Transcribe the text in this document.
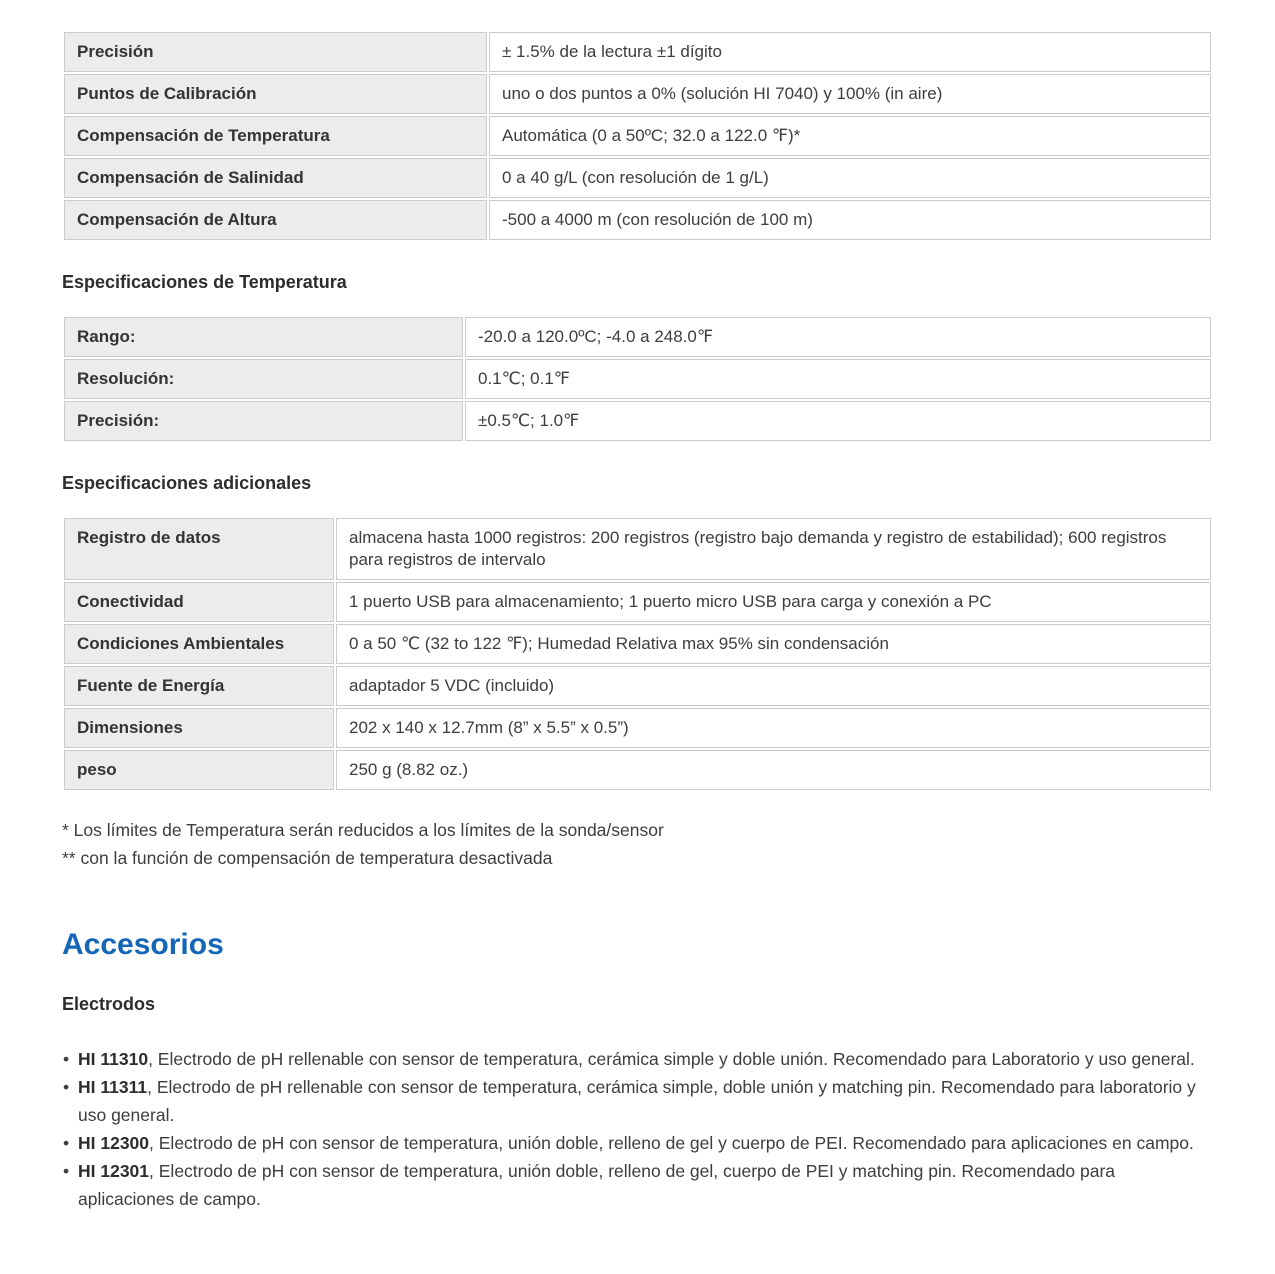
Precisión	± 1.5% de la lectura ±1 dígito
Puntos de Calibración	uno o dos puntos a 0% (solución HI 7040) y 100% (in aire)
Compensación de Temperatura	Automática (0 a 50ºC; 32.0 a 122.0 ℉)*
Compensación de Salinidad	0 a 40 g/L (con resolución de 1 g/L)
Compensación de Altura	-500 a 4000 m (con resolución de 100 m)
Especificaciones de Temperatura
Rango:	-20.0 a 120.0ºC; -4.0 a 248.0℉
Resolución:	0.1℃; 0.1℉
Precisión:	±0.5℃; 1.0℉
Especificaciones adicionales
Registro de datos	almacena hasta 1000 registros: 200 registros (registro bajo demanda y registro de estabilidad); 600 registros para registros de intervalo
Conectividad	1 puerto USB para almacenamiento; 1 puerto micro USB para carga y conexión a PC
Condiciones Ambientales	0 a 50 ℃ (32 to 122 ℉); Humedad Relativa max 95% sin condensación
Fuente de Energía	adaptador 5 VDC (incluido)
Dimensiones	202 x 140 x 12.7mm (8” x 5.5” x 0.5”)
peso	250 g (8.82 oz.)
* Los límites de Temperatura serán reducidos a los límites de la sonda/sensor
** con la función de compensación de temperatura desactivada
Accesorios
Electrodos
• HI 11310, Electrodo de pH rellenable con sensor de temperatura, cerámica simple y doble unión. Recomendado para Laboratorio y uso general.
• HI 11311, Electrodo de pH rellenable con sensor de temperatura, cerámica simple, doble unión y matching pin. Recomendado para laboratorio y uso general.
• HI 12300, Electrodo de pH con sensor de temperatura, unión doble, relleno de gel y cuerpo de PEI. Recomendado para aplicaciones en campo.
• HI 12301, Electrodo de pH con sensor de temperatura, unión doble, relleno de gel, cuerpo de PEI y matching pin. Recomendado para aplicaciones de campo.
